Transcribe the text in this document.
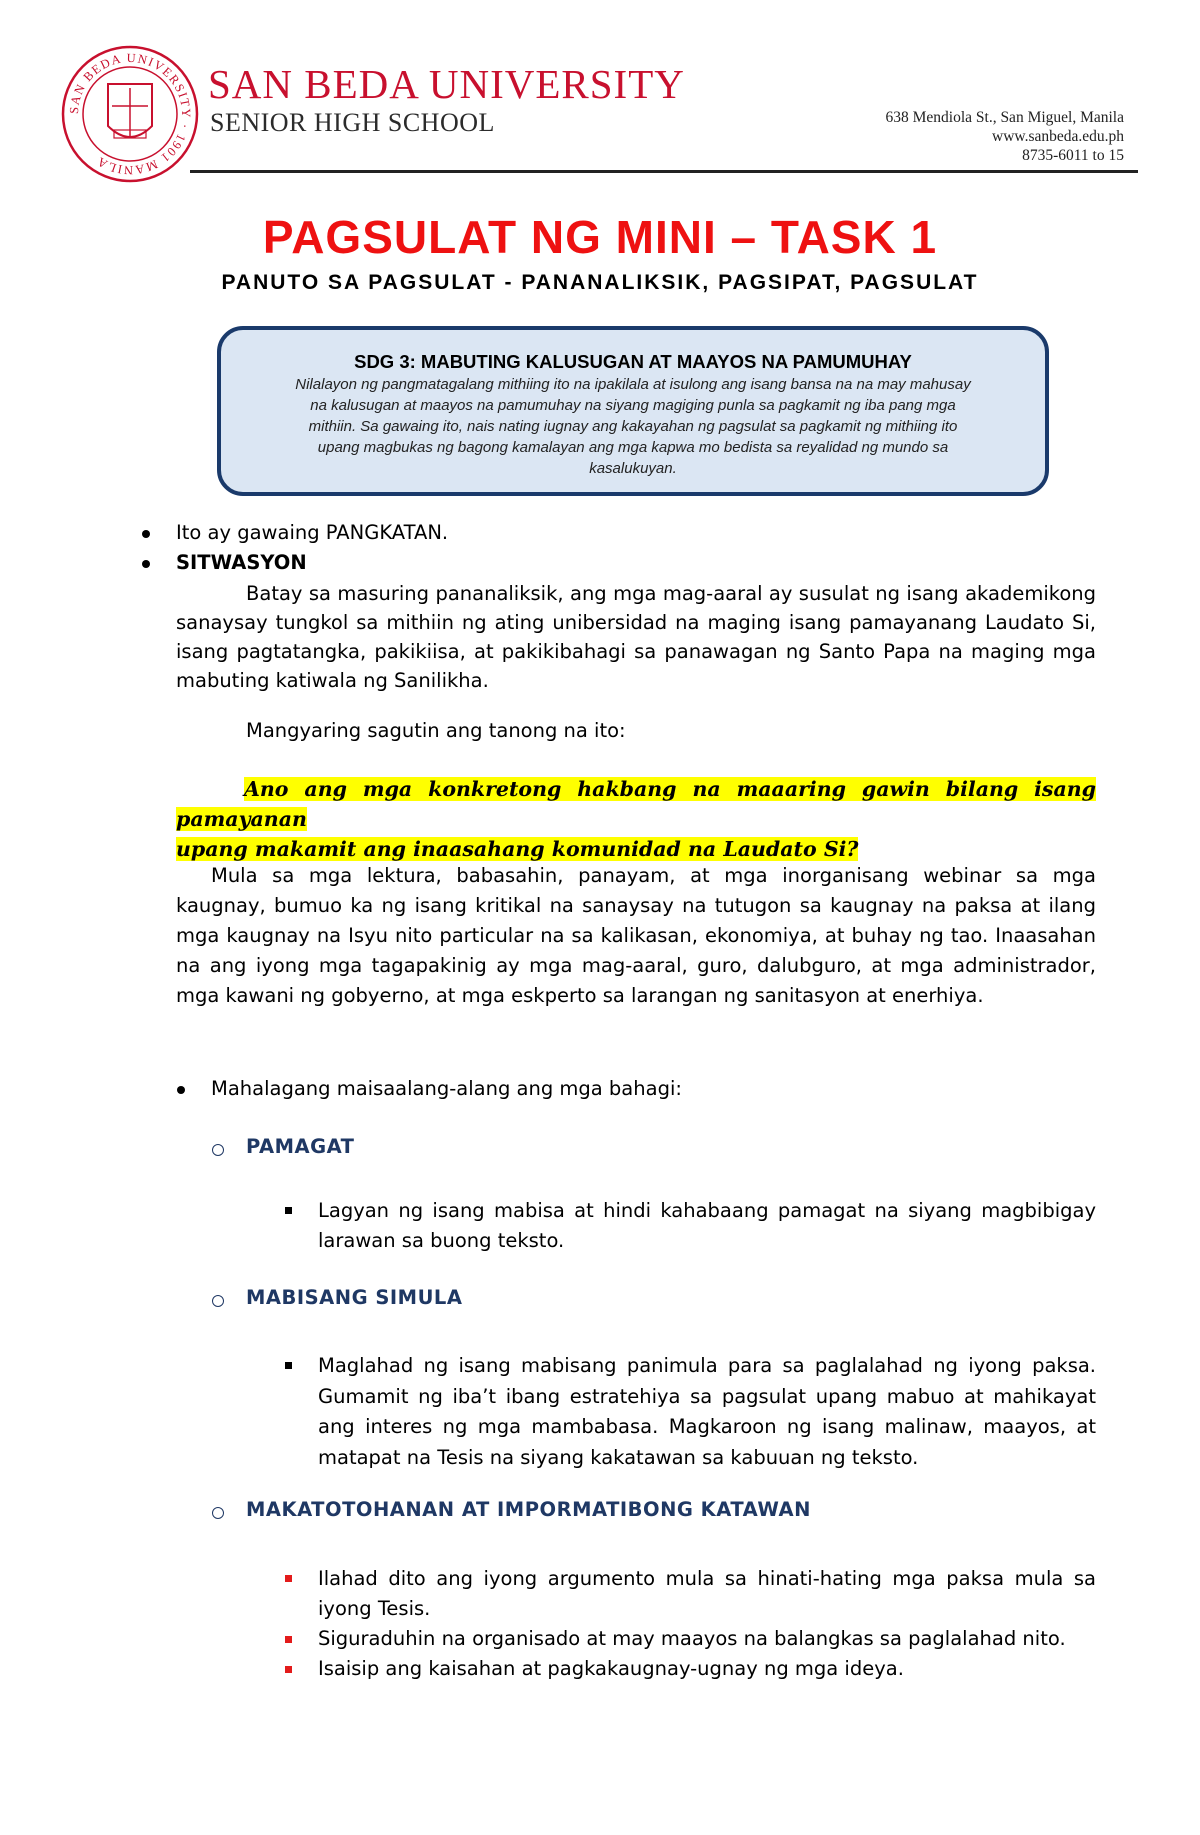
SAN BEDA UNIVERSITY · 1901 MANILA
SAN BEDA UNIVERSITY
SENIOR HIGH SCHOOL	638 Mendiola St., San Miguel, Manila
www.sanbeda.edu.ph
8735-6011 to 15
PAGSULAT NG MINI – TASK 1
PANUTO SA PAGSULAT - PANANALIKSIK, PAGSIPAT, PAGSULAT
SDG 3: MABUTING KALUSUGAN AT MAAYOS NA PAMUMUHAY
Nilalayon ng pangmatagalang mithiing ito na ipakilala at isulong ang isang bansa na na may mahusay
na kalusugan at maayos na pamumuhay na siyang magiging punla sa pagkamit ng iba pang mga
mithiin. Sa gawaing ito, nais nating iugnay ang kakayahan ng pagsulat sa pagkamit ng mithiing ito
upang magbukas ng bagong kamalayan ang mga kapwa mo bedista sa reyalidad ng mundo sa
kasalukuyan.
Ito ay gawaing PANGKATAN.
SITWASYON
Batay sa masuring pananaliksik, ang mga mag-aaral ay susulat ng isang akademikong sanaysay tungkol sa mithiin ng ating unibersidad na maging isang pamayanang Laudato Si, isang pagtatangka, pakikiisa, at pakikibahagi sa panawagan ng Santo Papa na maging mga mabuting katiwala ng Sanilikha.
Mangyaring sagutin ang tanong na ito:
Ano ang mga konkretong hakbang na maaaring gawin bilang isang pamayanan
upang makamit ang inaasahang komunidad na Laudato Si?
Mula sa mga lektura, babasahin, panayam, at mga inorganisang webinar sa mga kaugnay, bumuo ka ng isang kritikal na sanaysay na tutugon sa kaugnay na paksa at ilang mga kaugnay na Isyu nito particular na sa kalikasan, ekonomiya, at buhay ng tao. Inaasahan na ang iyong mga tagapakinig ay mga mag-aaral, guro, dalubguro, at mga administrador, mga kawani ng gobyerno, at mga eskperto sa larangan ng sanitasyon at enerhiya.
Mahalagang maisaalang-alang ang mga bahagi:
PAMAGAT
Lagyan ng isang mabisa at hindi kahabaang pamagat na siyang magbibigay larawan sa buong teksto.
MABISANG SIMULA
Maglahad ng isang mabisang panimula para sa paglalahad ng iyong paksa. Gumamit ng iba’t ibang estratehiya sa pagsulat upang mabuo at mahikayat ang interes ng mga mambabasa. Magkaroon ng isang malinaw, maayos, at matapat na Tesis na siyang kakatawan sa kabuuan ng teksto.
MAKATOTOHANAN AT IMPORMATIBONG KATAWAN
Ilahad dito ang iyong argumento mula sa hinati-hating mga paksa mula sa iyong Tesis.
Siguraduhin na organisado at may maayos na balangkas sa paglalahad nito.
Isaisip ang kaisahan at pagkakaugnay-ugnay ng mga ideya.
